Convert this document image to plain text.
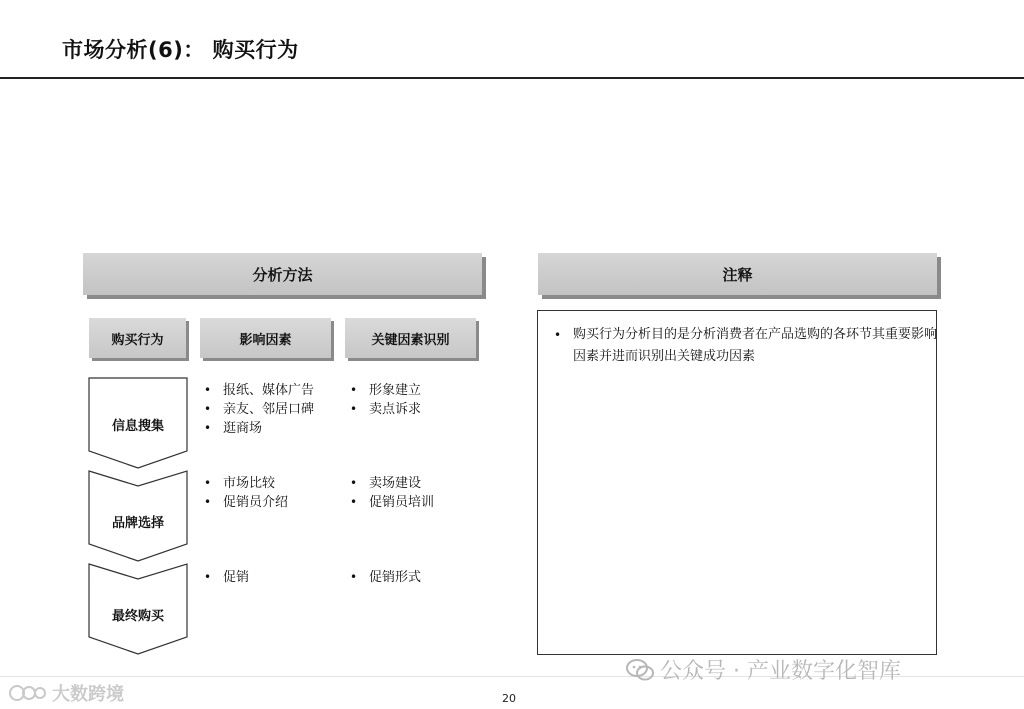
市场分析(6)： 购买行为
分析方法	注释
购买行为	影响因素	关键因素识别
信息搜集
品牌选择
最终购买
• 报纸、媒体广告
• 亲友、邻居口碑
• 逛商场
• 形象建立
• 卖点诉求
• 市场比较
• 促销员介绍
• 卖场建设
• 促销员培训
• 促销
•	促销形式
• 购买行为分析目的是分析消费者在产品选购的各环节其重要影响因素并进而识别出关键成功因素
20
公众号 · 产业数字化智库
大数跨境
